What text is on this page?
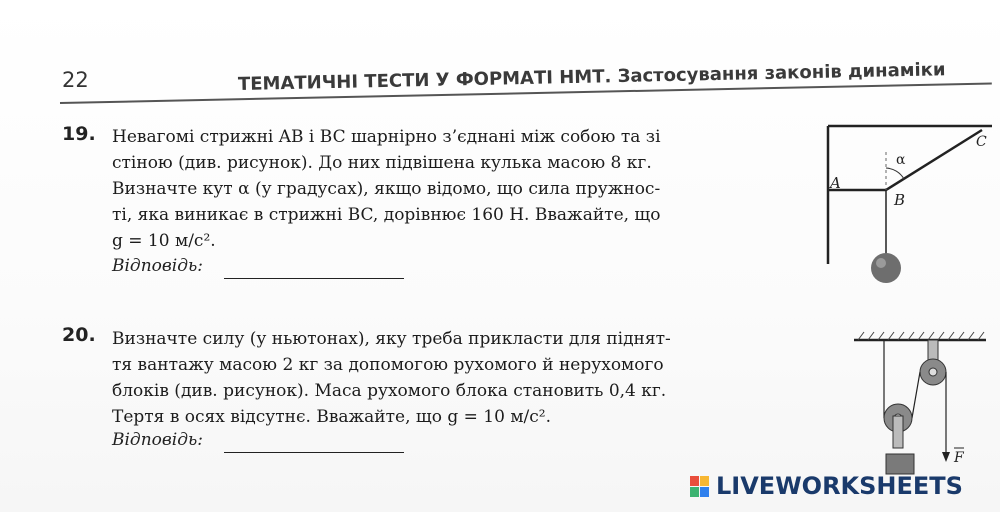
22	ТЕМАТИЧНІ ТЕСТИ У ФОРМАТІ НМТ. Застосування законів динаміки
19. Невагомі стрижні AB і BC шарнірно з’єднані між собою та зі

стіною (див. рисунок). До них підвішена кулька масою 8 кг.

Визначте кут α (у градусах), якщо відомо, що сила пружнос-

ті, яка виникає в стрижні BC, дорівнює 160 Н. Вважайте, що

g = 10 м/с².

Відповідь:
A
B
C
α
20. Визначте силу (у ньютонах), яку треба прикласти для піднят-

тя вантажу масою 2 кг за допомогою рухомого й нерухомого

блоків (див. рисунок). Маса рухомого блока становить 0,4 кг.

Тертя в осях відсутнє. Вважайте, що g = 10 м/с².

Відповідь:
F
LIVEWORKSHEETS
